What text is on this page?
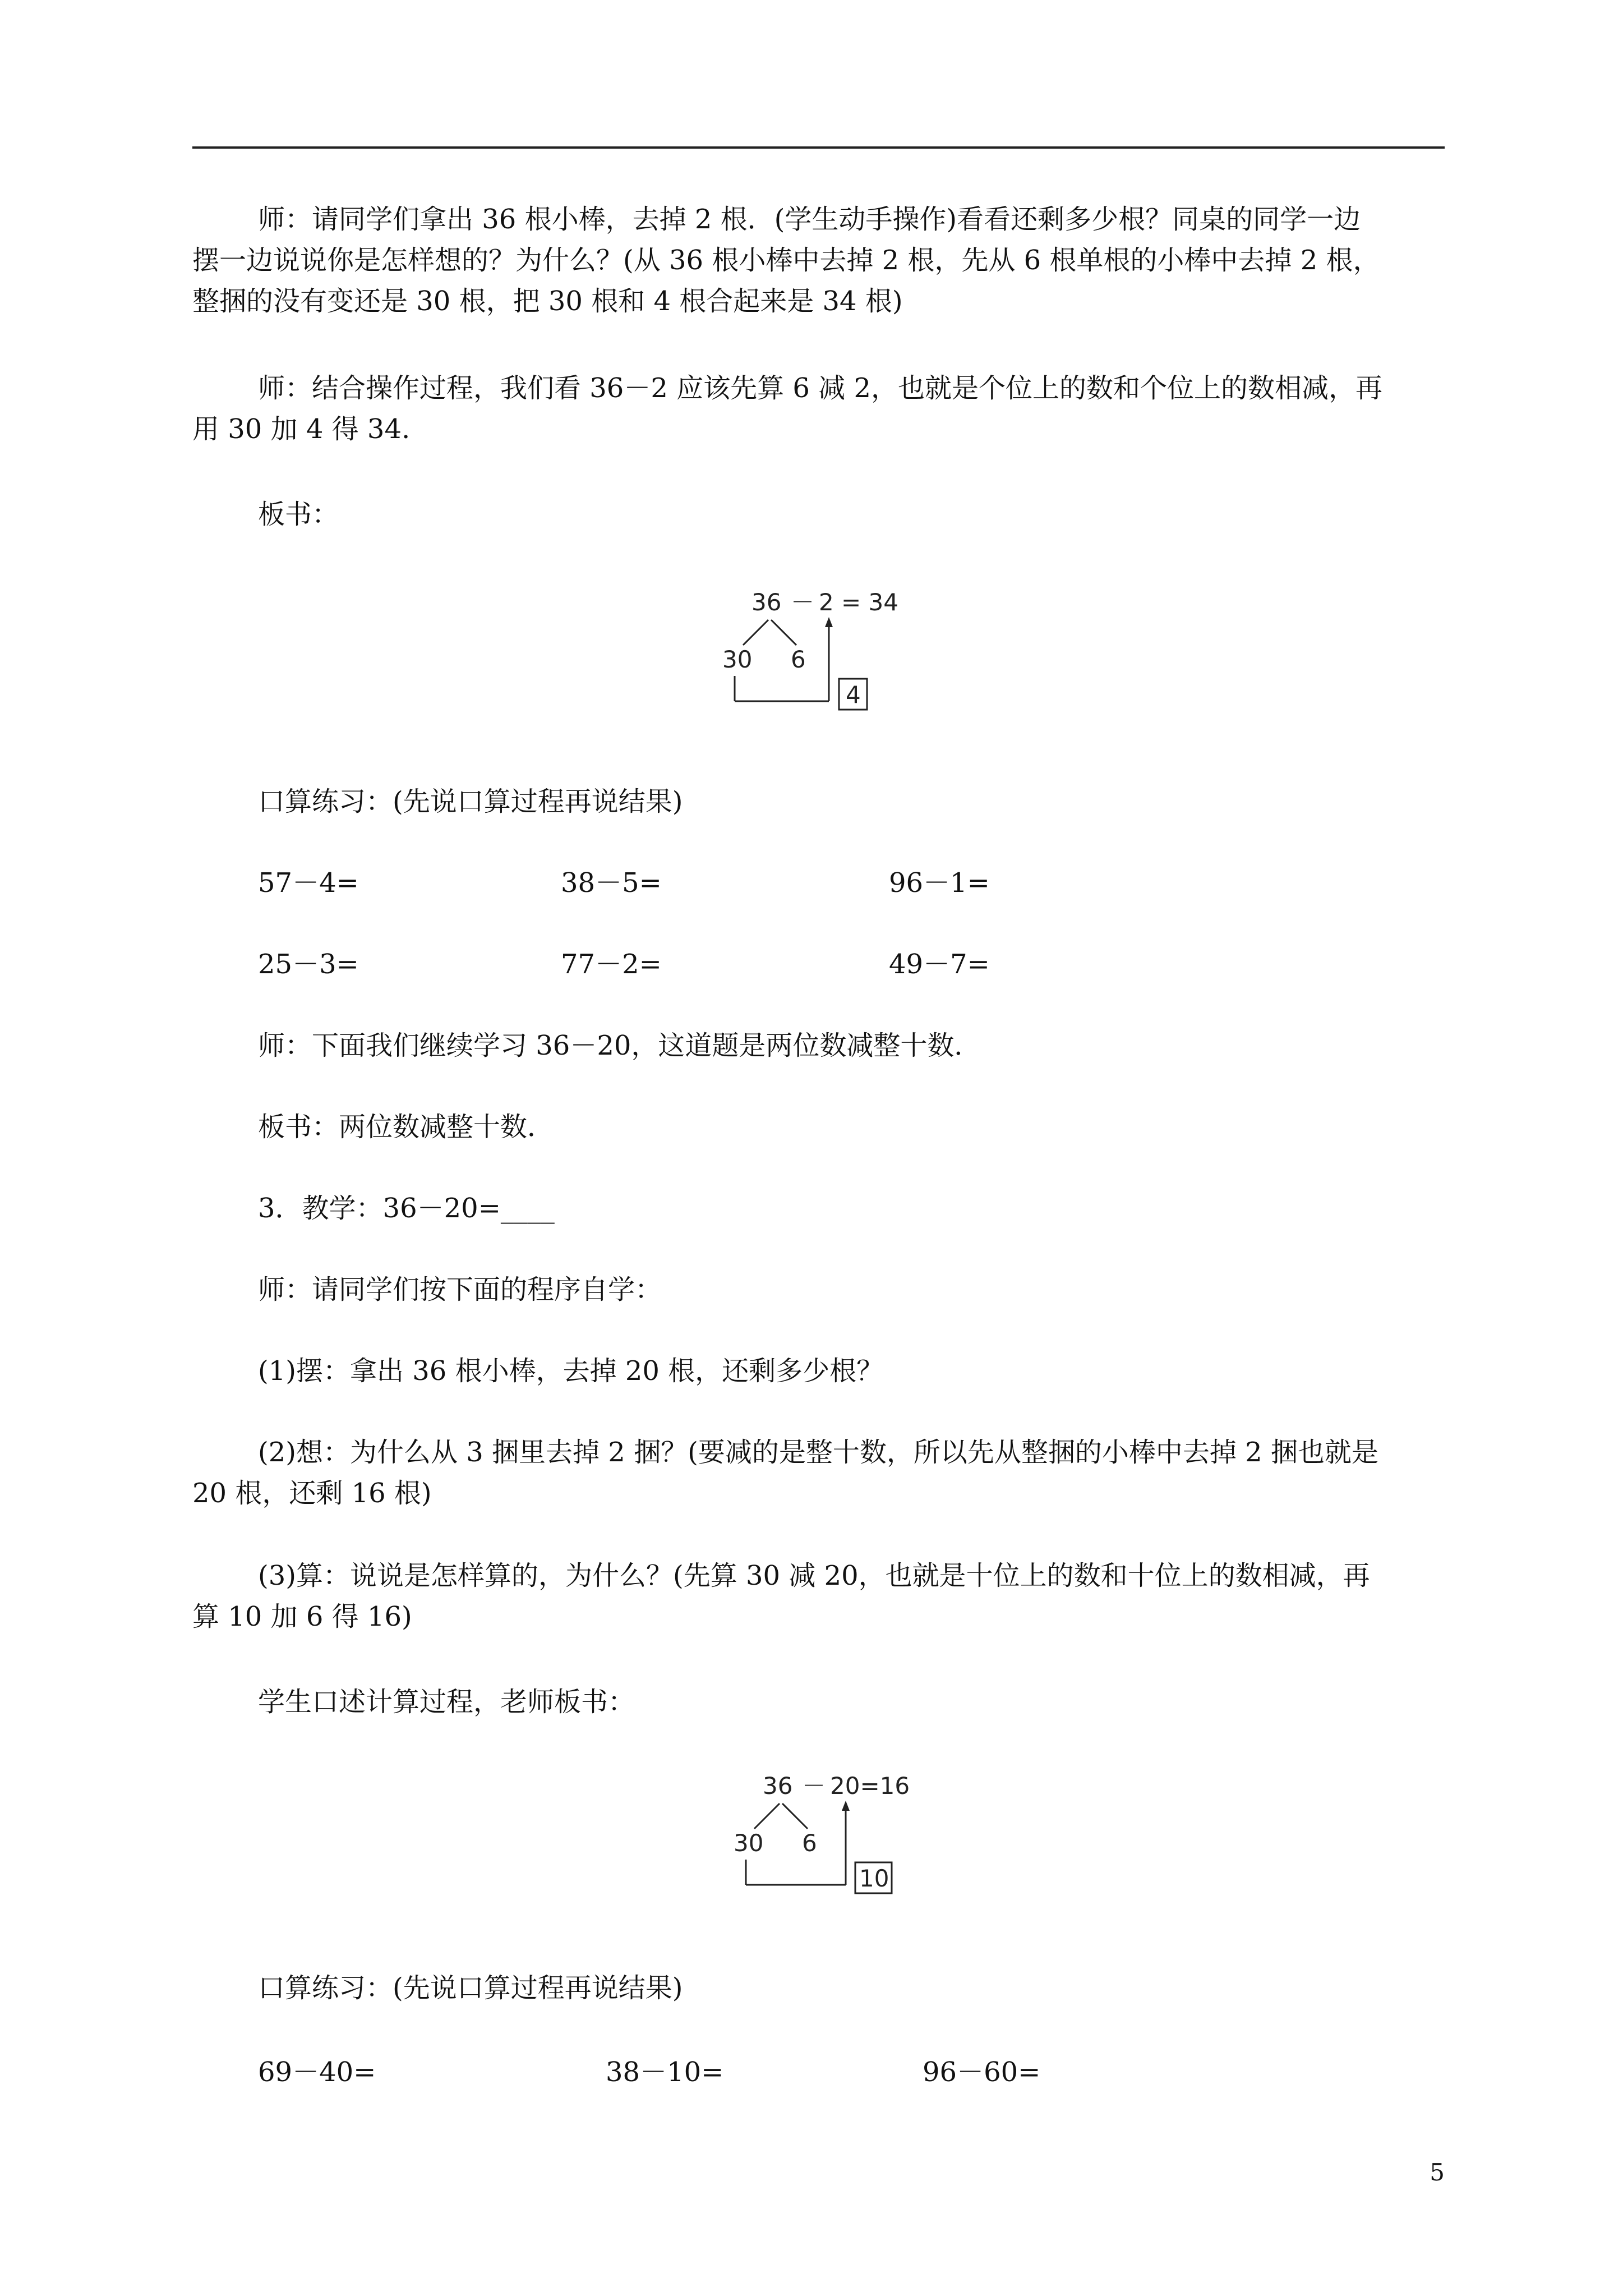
师：请同学们拿出 36 根小棒，去掉 2 根．(学生动手操作)看看还剩多少根？同桌的同学一边
摆一边说说你是怎样想的？为什么？(从 36 根小棒中去掉 2 根，先从 6 根单根的小棒中去掉 2 根，
整捆的没有变还是 30 根，把 30 根和 4 根合起来是 34 根)
师：结合操作过程，我们看 36－2 应该先算 6 减 2，也就是个位上的数和个位上的数相减，再
用 30 加 4 得 34.
板书：
36 － 2 = 34
30 6
4
口算练习：(先说口算过程再说结果)
57－4=	38－5=	96－1=
25－3=	77－2=	49－7=
师：下面我们继续学习 36－20，这道题是两位数减整十数．
板书：两位数减整十数．
3．教学：36－20=____
师：请同学们按下面的程序自学：
(1)摆：拿出 36 根小棒，去掉 20 根，还剩多少根？
(2)想：为什么从 3 捆里去掉 2 捆？(要减的是整十数，所以先从整捆的小棒中去掉 2 捆也就是
20 根，还剩 16 根)
(3)算：说说是怎样算的，为什么？(先算 30 减 20，也就是十位上的数和十位上的数相减，再
算 10 加 6 得 16)
学生口述计算过程，老师板书：
36 － 20=16
30 6
10
口算练习：(先说口算过程再说结果)
69－40=	38－10=	96－60=
5
